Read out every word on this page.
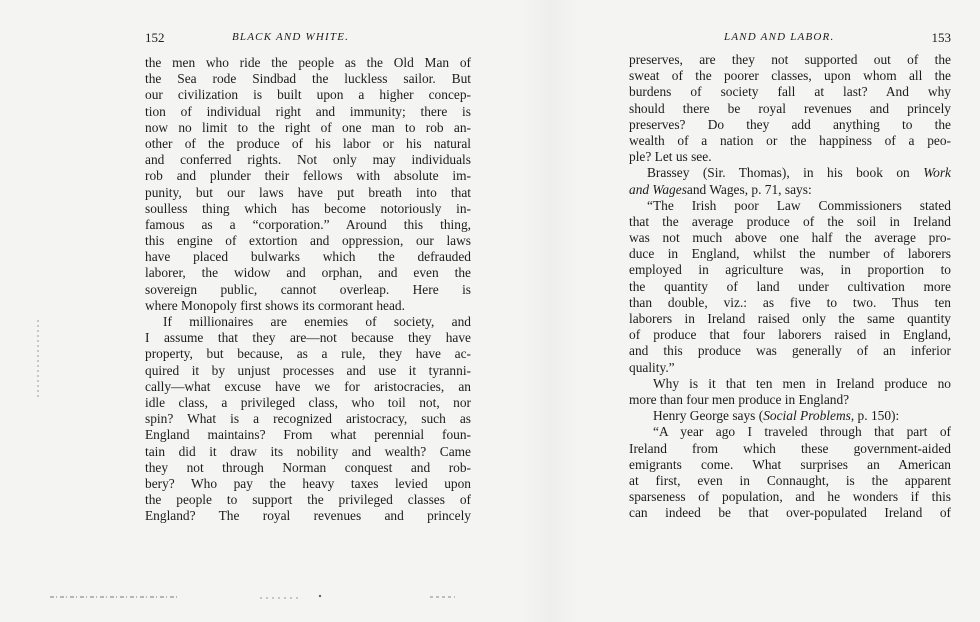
152	BLACK AND WHITE.
the men who ride the people as the Old Man of
the Sea rode Sindbad the luckless sailor. But
our civilization is built upon a higher concep-
tion of individual right and immunity; there is
now no limit to the right of one man to rob an-
other of the produce of his labor or his natural
and conferred rights. Not only may individuals
rob and plunder their fellows with absolute im-
punity, but our laws have put breath into that
soulless thing which has become notoriously in-
famous as a “corporation.” Around this thing,
this engine of extortion and oppression, our laws
have placed bulwarks which the defrauded
laborer, the widow and orphan, and even the
sovereign public, cannot overleap. Here is
where Monopoly first shows its cormorant head.
If millionaires are enemies of society, and
I assume that they are—not because they have
property, but because, as a rule, they have ac-
quired it by unjust processes and use it tyranni-
cally—what excuse have we for aristocracies, an
idle class, a privileged class, who toil not, nor
spin? What is a recognized aristocracy, such as
England maintains? From what perennial foun-
tain did it draw its nobility and wealth? Came
they not through Norman conquest and rob-
bery? Who pay the heavy taxes levied upon
the people to support the privileged classes of
England? The royal revenues and princely
LAND AND LABOR.	153
preserves, are they not supported out of the
sweat of the poorer classes, upon whom all the
burdens of society fall at last? And why
should there be royal revenues and princely
preserves? Do they add anything to the
wealth of a nation or the happiness of a peo-
ple? Let us see.
Brassey (Sir. Thomas), in his book on Work
and Wagesand Wages, p. 71, says:
“The Irish poor Law Commissioners stated
that the average produce of the soil in Ireland
was not much above one half the average pro-
duce in England, whilst the number of laborers
employed in agriculture was, in proportion to
the quantity of land under cultivation more
than double, viz.: as five to two. Thus ten
laborers in Ireland raised only the same quantity
of produce that four laborers raised in England,
and this produce was generally of an inferior
quality.”
Why is it that ten men in Ireland produce no
more than four men produce in England?
Henry George says (Social Problems, p. 150):
“A year ago I traveled through that part of
Ireland from which these government-aided
emigrants come. What surprises an American
at first, even in Connaught, is the apparent
sparseness of population, and he wonders if this
can indeed be that over-populated Ireland of
